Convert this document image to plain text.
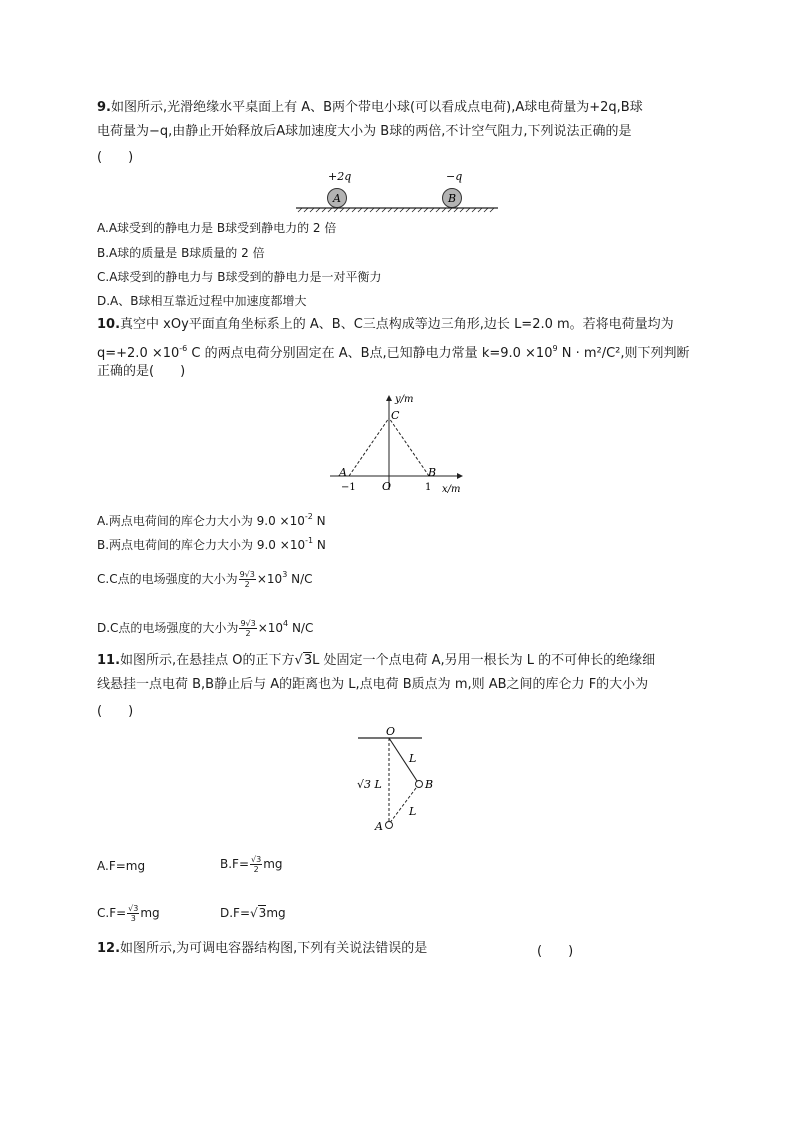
9.如图所示,光滑绝缘水平桌面上有 A、B两个带电小球(可以看成点电荷),A球电荷量为+2q,B球
电荷量为−q,由静止开始释放后A球加速度大小为 B球的两倍,不计空气阻力,下列说法正确的是
(　　)
+2q	−q
A	B
A.A球受到的静电力是 B球受到静电力的 2 倍
B.A球的质量是 B球质量的 2 倍
C.A球受到的静电力与 B球受到的静电力是一对平衡力
D.A、B球相互靠近过程中加速度都增大
10.真空中 xOy平面直角坐标系上的 A、B、C三点构成等边三角形,边长 L=2.0 m。若将电荷量均为
$q=+2.0 \times 10^{-6}$ C 的两点电荷分别固定在 A、B点,已知静电力常量 $k=9.0 \times 10^9$ N · m²/C²,则下列判断
正确的是(　　)
y/m
C
A	B
−1 O	1 x/m
A.两点电荷间的库仑力大小为 $9.0 \times 10^{-2}$ N
B.两点电荷间的库仑力大小为 $9.0 \times 10^{-1}$ N
C.C点的电场强度的大小为 $\frac{9√3}{2} \times 10^3$ N/C
D.C点的电场强度的大小为 $\frac{9√3}{2} \times 10^4$ N/C
11.如图所示,在悬挂点 O的正下方√3L 处固定一个点电荷 A,另用一根长为 L 的不可伸长的绝缘细
线悬挂一点电荷 B,B静止后与 A的距离也为 L,点电荷 B质点为 m,则 AB之间的库仑力 F的大小为
(　　)
O
L
B
L
√3 L
A
A.F=mg	$B.F= \frac{√3}{2}$ mg
$C.F= \frac{√3}{3}$ mg	D.F=√3mg
12.如图所示,为可调电容器结构图,下列有关说法错误的是	(　　)
